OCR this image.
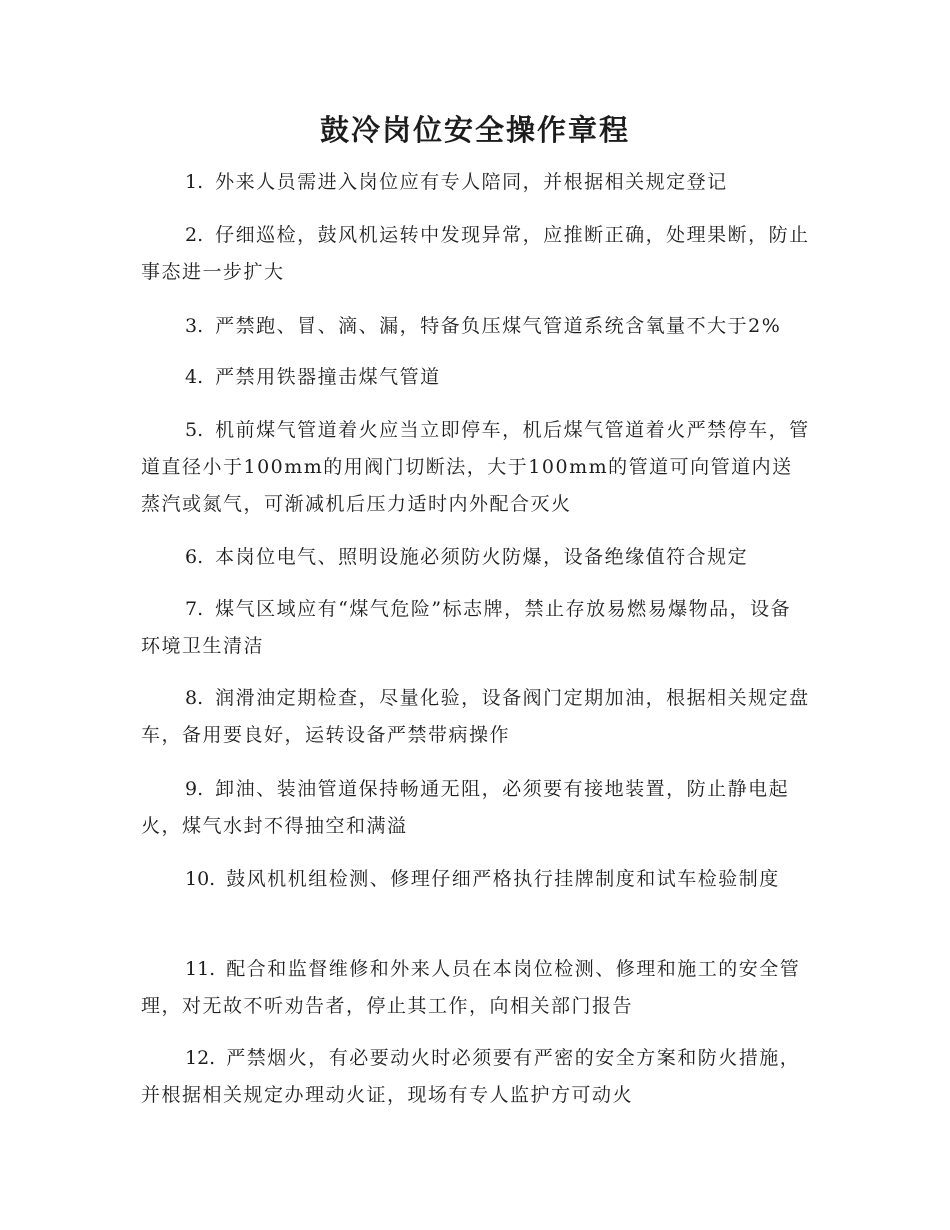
鼓冷岗位安全操作章程

1. 外来人员需进入岗位应有专人陪同，并根据相关规定登记

2. 仔细巡检，鼓风机运转中发现异常，应推断正确，处理果断，防止事态进一步扩大

3. 严禁跑、冒、滴、漏，特备负压煤气管道系统含氧量不大于2%

4. 严禁用铁器撞击煤气管道

5. 机前煤气管道着火应当立即停车，机后煤气管道着火严禁停车，管道直径小于100mm的用阀门切断法，大于100mm的管道可向管道内送蒸汽或氮气，可渐减机后压力适时内外配合灭火

6. 本岗位电气、照明设施必须防火防爆，设备绝缘值符合规定

7. 煤气区域应有“煤气危险”标志牌，禁止存放易燃易爆物品，设备环境卫生清洁

8. 润滑油定期检查，尽量化验，设备阀门定期加油，根据相关规定盘车，备用要良好，运转设备严禁带病操作

9. 卸油、装油管道保持畅通无阻，必须要有接地装置，防止静电起火，煤气水封不得抽空和满溢

10. 鼓风机机组检测、修理仔细严格执行挂牌制度和试车检验制度

11. 配合和监督维修和外来人员在本岗位检测、修理和施工的安全管理，对无故不听劝告者，停止其工作，向相关部门报告

12. 严禁烟火，有必要动火时必须要有严密的安全方案和防火措施，并根据相关规定办理动火证，现场有专人监护方可动火
